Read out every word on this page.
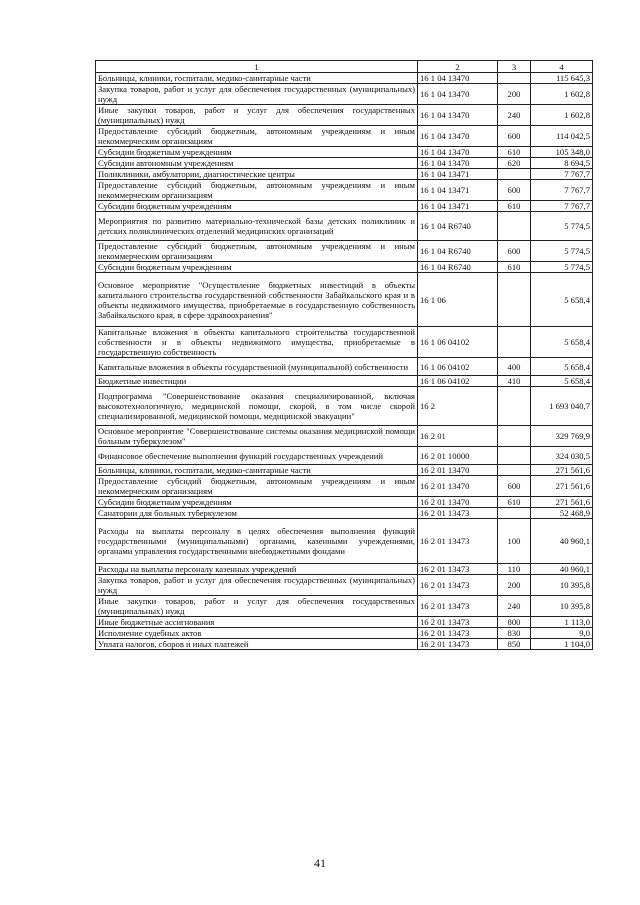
1	2	3	4
Больницы, клиники, госпитали, медико-санитарные части	16 1 04 13470		115 645,3
Закупка товаров, работ и услуг для обеспечения государственных (муниципальных) нужд	16 1 04 13470	200	1 602,8
Иные закупки товаров, работ и услуг для обеспечения государственных (муниципальных) нужд	16 1 04 13470	240	1 602,8
Предоставление субсидий бюджетным, автономным учреждениям и иным некоммерческим организациям	16 1 04 13470	600	114 042,5
Субсидии бюджетным учреждениям	16 1 04 13470	610	105 348,0
Субсидии автономным учреждениям	16 1 04 13470	620	8 694,5
Поликлиники, амбулатории, диагностические центры	16 1 04 13471		7 767,7
Предоставление субсидий бюджетным, автономным учреждениям и иным некоммерческим организациям	16 1 04 13471	600	7 767,7
Субсидии бюджетным учреждениям	16 1 04 13471	610	7 767,7
Мероприятия по развитию материально-технической базы детских поликлиник и детских поликлинических отделений медицинских организаций	16 1 04 R6740		5 774,5
Предоставление субсидий бюджетным, автономным учреждениям и иным некоммерческим организациям	16 1 04 R6740	600	5 774,5
Субсидии бюджетным учреждениям	16 1 04 R6740	610	5 774,5
Основное мероприятие "Осуществление бюджетных инвестиций в объекты капитального строительства государственной собственности Забайкальского края и в объекты недвижимого имущества, приобретаемые в государственную собственность Забайкальского края, в сфере здравоохранения"	16 1 06		5 658,4
Капитальные вложения в объекты капитального строительства государственной собственности и в объекты недвижимого имущества, приобретаемые в государственную собственность	16 1 06 04102		5 658,4
Капитальные вложения в объекты государственной (муниципальной) собственности	16 1 06 04102	400	5 658,4
Бюджетные инвестиции	16 1 06 04102	410	5 658,4
Подпрограмма "Совершенствование оказания специализированной, включая высокотехнологичную, медицинской помощи, скорой, в том числе скорой специализированной, медицинской помощи, медицинской эвакуации"	16 2		1 693 040,7
Основное мероприятие "Совершенствование системы оказания медицинской помощи больным туберкулезом"	16 2 01		329 769,9
Финансовое обеспечение выполнения функций государственных учреждений	16 2 01 10000		324 030,5
Больницы, клиники, госпитали, медико-санитарные части	16 2 01 13470		271 561,6
Предоставление субсидий бюджетным, автономным учреждениям и иным некоммерческим организациям	16 2 01 13470	600	271 561,6
Субсидии бюджетным учреждениям	16 2 01 13470	610	271 561,6
Санатории для больных туберкулезом	16 2 01 13473		52 468,9
Расходы на выплаты персоналу в целях обеспечения выполнения функций государственными (муниципальными) органами, казенными учреждениями, органами управления государственными внебюджетными фондами	16 2 01 13473	100	40 960,1
Расходы на выплаты персоналу казенных учреждений	16 2 01 13473	110	40 960,1
Закупка товаров, работ и услуг для обеспечения государственных (муниципальных) нужд	16 2 01 13473	200	10 395,8
Иные закупки товаров, работ и услуг для обеспечения государственных (муниципальных) нужд	16 2 01 13473	240	10 395,8
Иные бюджетные ассигнования	16 2 01 13473	800	1 113,0
Исполнение судебных актов	16 2 01 13473	830	9,0
Уплата налогов, сборов и иных платежей	16 2 01 13473	850	1 104,0
41
